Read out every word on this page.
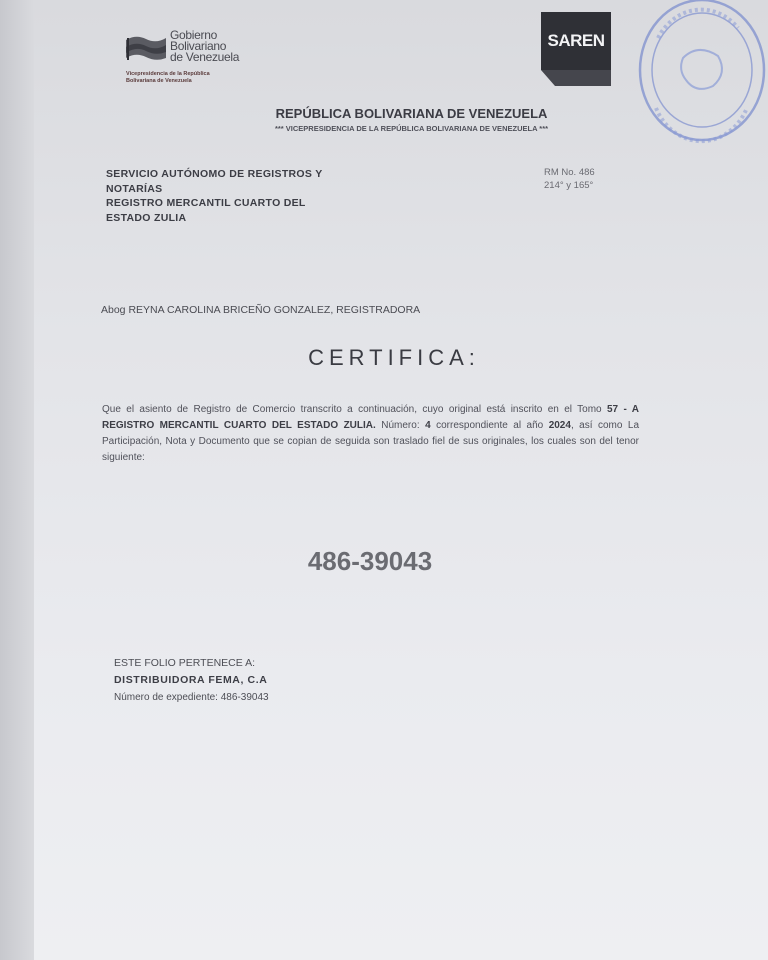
Gobierno
Bolivariano
de Venezuela
Vicepresidencia de la República
Bolivariana de Venezuela
SAREN
REPÚBLICA BOLIVARIANA DE VENEZUELA
*** VICEPRESIDENCIA DE LA REPÚBLICA BOLIVARIANA DE VENEZUELA ***
SERVICIO AUTÓNOMO DE REGISTROS Y
NOTARÍAS
REGISTRO MERCANTIL CUARTO DEL
ESTADO ZULIA
RM No. 486
214° y 165°
Abog REYNA CAROLINA BRICEÑO GONZALEZ, REGISTRADORA
CERTIFICA:
Que el asiento de Registro de Comercio transcrito a continuación, cuyo original está inscrito en el Tomo 57 - A REGISTRO MERCANTIL CUARTO DEL ESTADO ZULIA. Número: 4 correspondiente al año 2024, así como La Participación, Nota y Documento que se copian de seguida son traslado fiel de sus originales, los cuales son del tenor siguiente:
486-39043
ESTE FOLIO PERTENECE A:
DISTRIBUIDORA FEMA, C.A
Número de expediente: 486-39043
